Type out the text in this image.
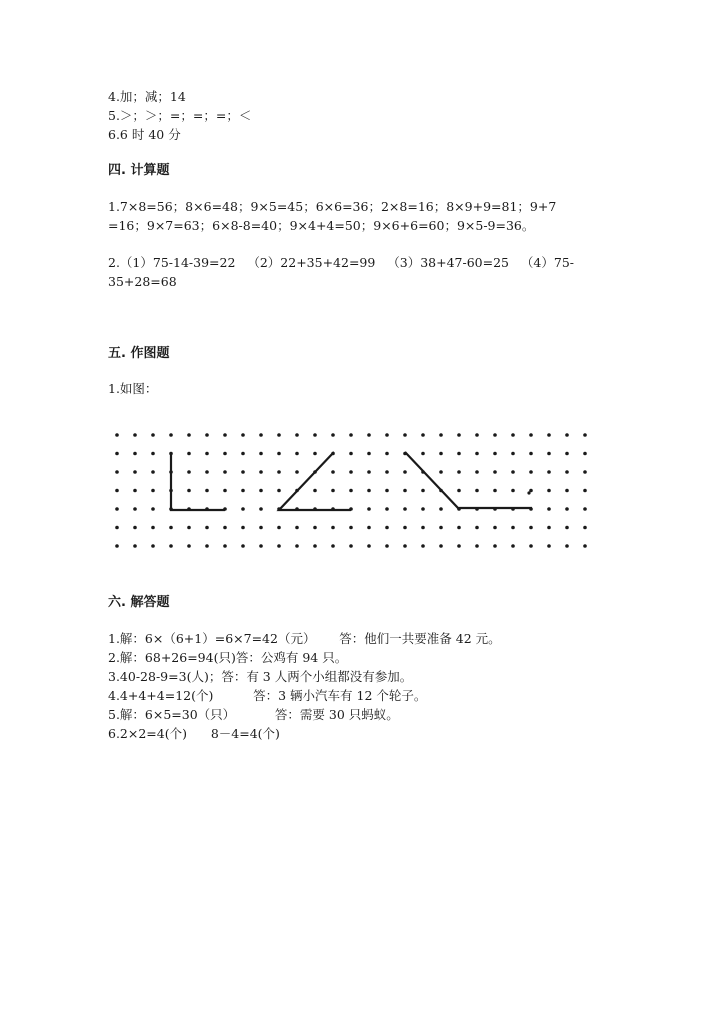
4.加；减；14
5.＞；＞；=；=；=；＜
6.6 时 40 分
四. 计算题
1.7×8=56；8×6=48；9×5=45；6×6=36；2×8=16；8×9+9=81；9+7
=16；9×7=63；6×8-8=40；9×4+4=50；9×6+6=60；9×5-9=36。
2.（1）75-14-39=22   （2）22+35+42=99   （3）38+47-60=25   （4）75-
35+28=68
五. 作图题
1.如图：
六. 解答题
1.解：6×（6+1）=6×7=42（元）      答：他们一共要准备 42 元。
2.解：68+26=94(只)答：公鸡有 94 只。
3.40-28-9=3(人)；答：有 3 人两个小组都没有参加。
4.4+4+4=12(个)          答：3 辆小汽车有 12 个轮子。
5.解：6×5=30（只）          答：需要 30 只蚂蚁。
6.2×2=4(个)      8－4=4(个)
